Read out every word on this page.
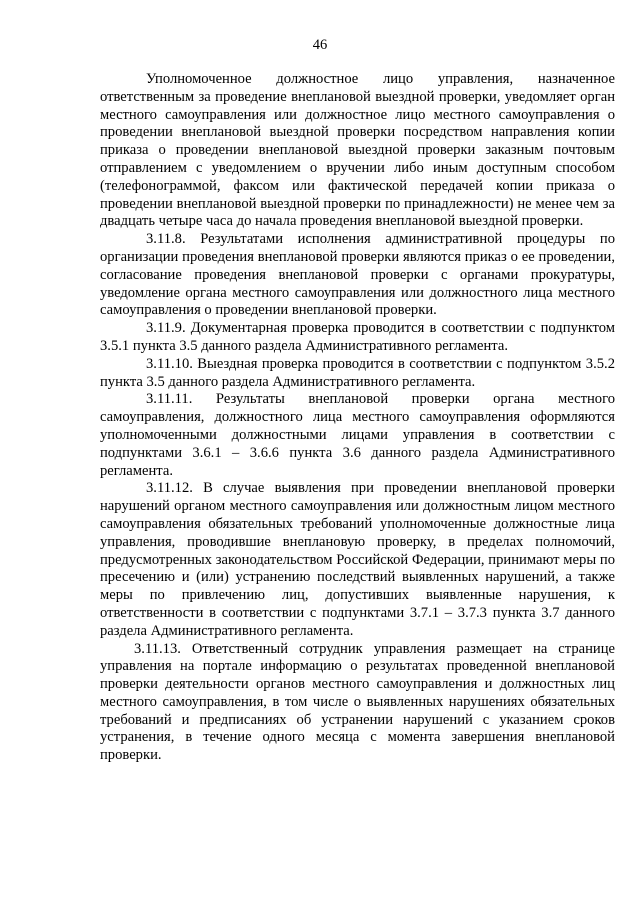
46

Уполномоченное должностное лицо управления, назначенное ответственным за проведение внеплановой выездной проверки, уведомляет орган местного самоуправления или должностное лицо местного самоуправления о проведении внеплановой выездной проверки посредством направления копии приказа о проведении внеплановой выездной проверки заказным почтовым отправлением с уведомлением о вручении либо иным доступным способом (телефонограммой, факсом или фактической передачей копии приказа о проведении внеплановой выездной проверки по принадлежности) не менее чем за двадцать четыре часа до начала проведения внеплановой выездной проверки.

3.11.8. Результатами исполнения административной процедуры по организации проведения внеплановой проверки являются приказ о ее проведении, согласование проведения внеплановой проверки с органами прокуратуры, уведомление органа местного самоуправления или должностного лица местного самоуправления о проведении внеплановой проверки.

3.11.9. Документарная проверка проводится в соответствии с подпунктом 3.5.1 пункта 3.5 данного раздела Административного регламента.

3.11.10. Выездная проверка проводится в соответствии с подпунктом 3.5.2 пункта 3.5 данного раздела Административного регламента.

3.11.11. Результаты внеплановой проверки органа местного самоуправления, должностного лица местного самоуправления оформляются уполномоченными должностными лицами управления в соответствии с подпунктами 3.6.1 – 3.6.6 пункта 3.6 данного раздела Административного регламента.

3.11.12. В случае выявления при проведении внеплановой проверки нарушений органом местного самоуправления или должностным лицом местного самоуправления обязательных требований уполномоченные должностные лица управления, проводившие внеплановую проверку, в пределах полномочий, предусмотренных законодательством Российской Федерации, принимают меры по пресечению и (или) устранению последствий выявленных нарушений, а также меры по привлечению лиц, допустивших выявленные нарушения, к ответственности в соответствии с подпунктами 3.7.1 – 3.7.3 пункта 3.7 данного раздела Административного регламента.

3.11.13. Ответственный сотрудник управления размещает на странице управления на портале информацию о результатах проведенной внеплановой проверки деятельности органов местного самоуправления и должностных лиц местного самоуправления, в том числе о выявленных нарушениях обязательных требований и предписаниях об устранении нарушений с указанием сроков устранения, в течение одного месяца с момента завершения внеплановой проверки.
